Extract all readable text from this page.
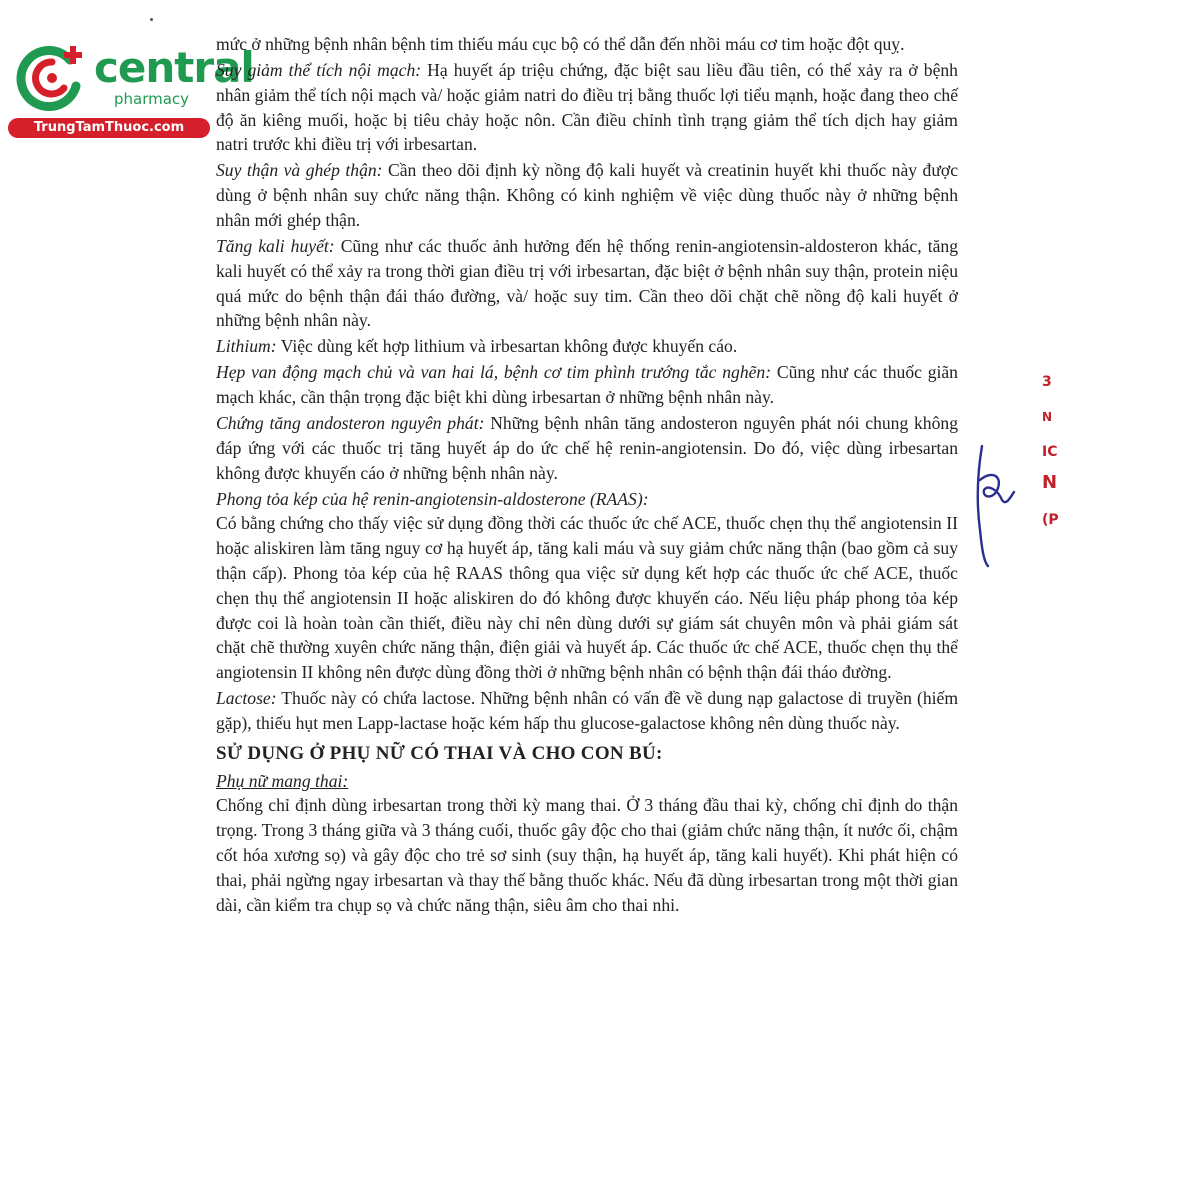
central
pharmacy
TrungTamThuoc.com

mức ở những bệnh nhân bệnh tim thiếu máu cục bộ có thể dẫn đến nhồi máu cơ tim hoặc đột quỵ.

Suy giảm thể tích nội mạch: Hạ huyết áp triệu chứng, đặc biệt sau liều đầu tiên, có thể xảy ra ở bệnh nhân giảm thể tích nội mạch và/ hoặc giảm natri do điều trị bằng thuốc lợi tiểu mạnh, hoặc đang theo chế độ ăn kiêng muối, hoặc bị tiêu chảy hoặc nôn. Cần điều chỉnh tình trạng giảm thể tích dịch hay giảm natri trước khi điều trị với irbesartan.

Suy thận và ghép thận: Cần theo dõi định kỳ nồng độ kali huyết và creatinin huyết khi thuốc này được dùng ở bệnh nhân suy chức năng thận. Không có kinh nghiệm về việc dùng thuốc này ở những bệnh nhân mới ghép thận.

Tăng kali huyết: Cũng như các thuốc ảnh hưởng đến hệ thống renin-angiotensin-aldosteron khác, tăng kali huyết có thể xảy ra trong thời gian điều trị với irbesartan, đặc biệt ở bệnh nhân suy thận, protein niệu quá mức do bệnh thận đái tháo đường, và/ hoặc suy tim. Cần theo dõi chặt chẽ nồng độ kali huyết ở những bệnh nhân này.

Lithium: Việc dùng kết hợp lithium và irbesartan không được khuyến cáo.

Hẹp van động mạch chủ và van hai lá, bệnh cơ tim phình trướng tắc nghẽn: Cũng như các thuốc giãn mạch khác, cần thận trọng đặc biệt khi dùng irbesartan ở những bệnh nhân này.

Chứng tăng andosteron nguyên phát: Những bệnh nhân tăng andosteron nguyên phát nói chung không đáp ứng với các thuốc trị tăng huyết áp do ức chế hệ renin-angiotensin. Do đó, việc dùng irbesartan không được khuyến cáo ở những bệnh nhân này.

Phong tỏa kép của hệ renin-angiotensin-aldosterone (RAAS):

Có bằng chứng cho thấy việc sử dụng đồng thời các thuốc ức chế ACE, thuốc chẹn thụ thể angiotensin II hoặc aliskiren làm tăng nguy cơ hạ huyết áp, tăng kali máu và suy giảm chức năng thận (bao gồm cả suy thận cấp). Phong tỏa kép của hệ RAAS thông qua việc sử dụng kết hợp các thuốc ức chế ACE, thuốc chẹn thụ thể angiotensin II hoặc aliskiren do đó không được khuyến cáo. Nếu liệu pháp phong tỏa kép được coi là hoàn toàn cần thiết, điều này chỉ nên dùng dưới sự giám sát chuyên môn và phải giám sát chặt chẽ thường xuyên chức năng thận, điện giải và huyết áp. Các thuốc ức chế ACE, thuốc chẹn thụ thể angiotensin II không nên được dùng đồng thời ở những bệnh nhân có bệnh thận đái tháo đường.

Lactose: Thuốc này có chứa lactose. Những bệnh nhân có vấn đề về dung nạp galactose di truyền (hiếm gặp), thiếu hụt men Lapp-lactase hoặc kém hấp thu glucose-galactose không nên dùng thuốc này.

SỬ DỤNG Ở PHỤ NỮ CÓ THAI VÀ CHO CON BÚ:

Phụ nữ mang thai:

Chống chỉ định dùng irbesartan trong thời kỳ mang thai. Ở 3 tháng đầu thai kỳ, chống chỉ định do thận trọng. Trong 3 tháng giữa và 3 tháng cuối, thuốc gây độc cho thai (giảm chức năng thận, ít nước ối, chậm cốt hóa xương sọ) và gây độc cho trẻ sơ sinh (suy thận, hạ huyết áp, tăng kali huyết). Khi phát hiện có thai, phải ngừng ngay irbesartan và thay thế bằng thuốc khác. Nếu đã dùng irbesartan trong một thời gian dài, cần kiểm tra chụp sọ và chức năng thận, siêu âm cho thai nhi.

3
N
IC
N
(P
